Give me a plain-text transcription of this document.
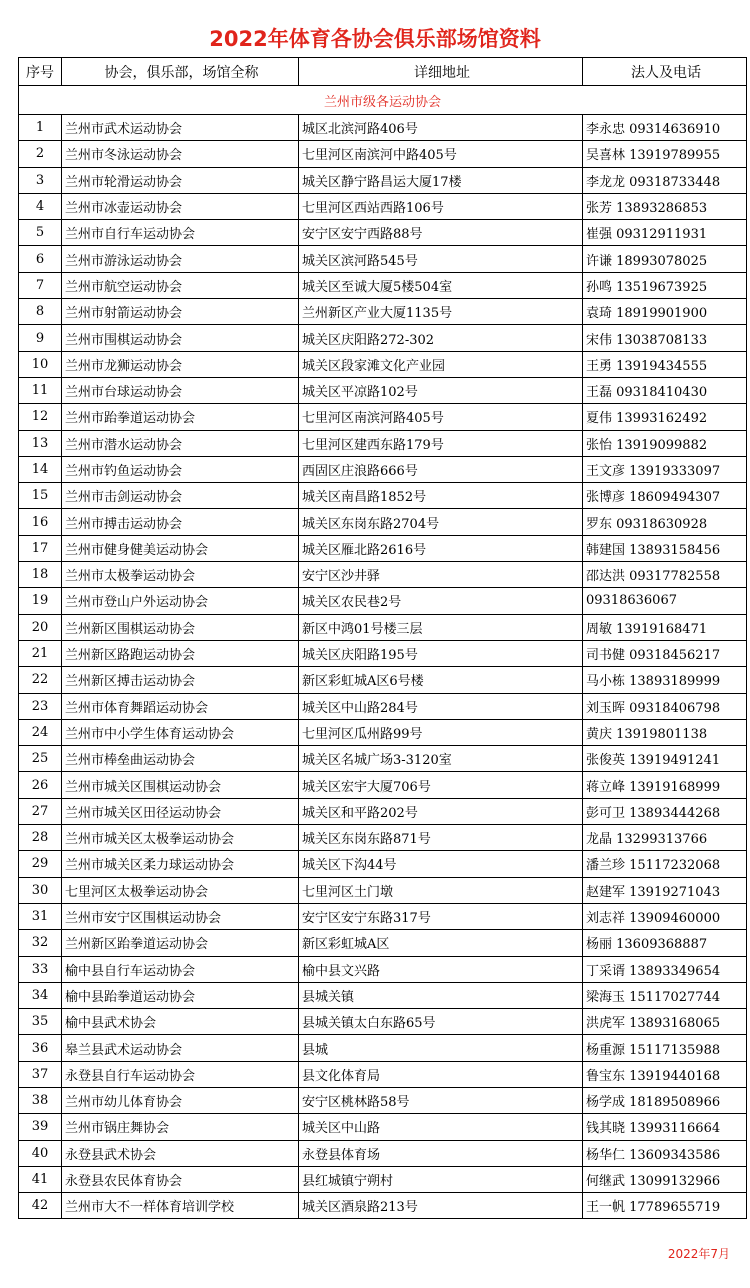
2022年体育各协会俱乐部场馆资料
序号	协会，俱乐部，场馆全称	详细地址	法人及电话
兰州市级各运动协会			
1	兰州市武术运动协会	城区北滨河路406号	李永忠 09314636910
2	兰州市冬泳运动协会	七里河区南滨河中路405号	吴喜林 13919789955
3	兰州市轮滑运动协会	城关区静宁路昌运大厦17楼	李龙龙 09318733448
4	兰州市冰壶运动协会	七里河区西站西路106号	张芳 13893286853
5	兰州市自行车运动协会	安宁区安宁西路88号	崔强 09312911931
6	兰州市游泳运动协会	城关区滨河路545号	许谦 18993078025
7	兰州市航空运动协会	城关区至诚大厦5楼504室	孙鸣 13519673925
8	兰州市射箭运动协会	兰州新区产业大厦1135号	袁琦 18919901900
9	兰州市围棋运动协会	城关区庆阳路272-302	宋伟 13038708133
10	兰州市龙狮运动协会	城关区段家滩文化产业园	王勇 13919434555
11	兰州市台球运动协会	城关区平凉路102号	王磊 09318410430
12	兰州市跆拳道运动协会	七里河区南滨河路405号	夏伟 13993162492
13	兰州市潜水运动协会	七里河区建西东路179号	张怡 13919099882
14	兰州市钓鱼运动协会	西固区庄浪路666号	王文彦 13919333097
15	兰州市击剑运动协会	城关区南昌路1852号	张博彦 18609494307
16	兰州市搏击运动协会	城关区东岗东路2704号	罗东 09318630928
17	兰州市健身健美运动协会	城关区雁北路2616号	韩建国 13893158456
18	兰州市太极拳运动协会	安宁区沙井驿	邵达洪 09317782558
19	兰州市登山户外运动协会	城关区农民巷2号	09318636067
20	兰州新区围棋运动协会	新区中鸿01号楼三层	周敏 13919168471
21	兰州新区路跑运动协会	城关区庆阳路195号	司书健 09318456217
22	兰州新区搏击运动协会	新区彩虹城A区6号楼	马小栋 13893189999
23	兰州市体育舞蹈运动协会	城关区中山路284号	刘玉晖 09318406798
24	兰州市中小学生体育运动协会	七里河区瓜州路99号	黄庆 13919801138
25	兰州市棒垒曲运动协会	城关区名城广场3-3120室	张俊英 13919491241
26	兰州市城关区围棋运动协会	城关区宏宇大厦706号	蒋立峰 13919168999
27	兰州市城关区田径运动协会	城关区和平路202号	彭可卫 13893444268
28	兰州市城关区太极拳运动协会	城关区东岗东路871号	龙晶 13299313766
29	兰州市城关区柔力球运动协会	城关区下沟44号	潘兰珍 15117232068
30	七里河区太极拳运动协会	七里河区土门墩	赵建军 13919271043
31	兰州市安宁区围棋运动协会	安宁区安宁东路317号	刘志祥 13909460000
32	兰州新区跆拳道运动协会	新区彩虹城A区	杨丽 13609368887
33	榆中县自行车运动协会	榆中县文兴路	丁采谞 13893349654
34	榆中县跆拳道运动协会	县城关镇	梁海玉 15117027744
35	榆中县武术协会	县城关镇太白东路65号	洪虎军 13893168065
36	皋兰县武术运动协会	县城	杨重源 15117135988
37	永登县自行车运动协会	县文化体育局	鲁宝东 13919440168
38	兰州市幼儿体育协会	安宁区桃林路58号	杨学成 18189508966
39	兰州市锅庄舞协会	城关区中山路	钱其晓 13993116664
40	永登县武术协会	永登县体育场	杨华仁 13609343586
41	永登县农民体育协会	县红城镇宁朔村	何继武 13099132966
42	兰州市大不一样体育培训学校	城关区酒泉路213号	王一帆 17789655719
2022年7月
